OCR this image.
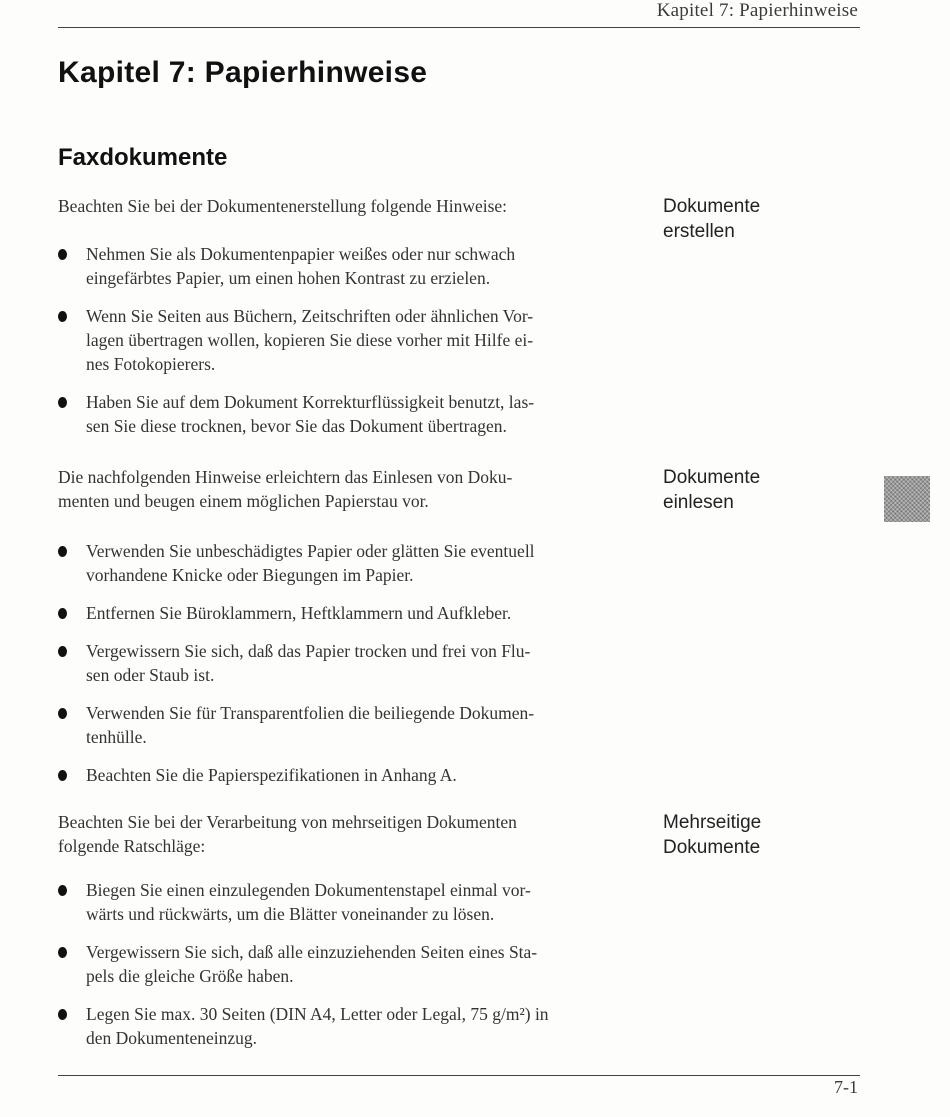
Kapitel 7: Papierhinweise
Kapitel 7: Papierhinweise
Faxdokumente

Beachten Sie bei der Dokumentenerstellung folgende Hinweise:	Dokumente
erstellen
Nehmen Sie als Dokumentenpapier weißes oder nur schwach
eingefärbtes Papier, um einen hohen Kontrast zu erzielen.
Wenn Sie Seiten aus Büchern, Zeitschriften oder ähnlichen Vor-
lagen übertragen wollen, kopieren Sie diese vorher mit Hilfe ei-
nes Fotokopierers.
Haben Sie auf dem Dokument Korrekturflüssigkeit benutzt, las-
sen Sie diese trocknen, bevor Sie das Dokument übertragen.

Die nachfolgenden Hinweise erleichtern das Einlesen von Doku-
menten und beugen einem möglichen Papierstau vor.

Dokumente
einlesen
Verwenden Sie unbeschädigtes Papier oder glätten Sie eventuell
vorhandene Knicke oder Biegungen im Papier.
Entfernen Sie Büroklammern, Heftklammern und Aufkleber.
Vergewissern Sie sich, daß das Papier trocken und frei von Flu-
sen oder Staub ist.
Verwenden Sie für Transparentfolien die beiliegende Dokumen-
tenhülle.
Beachten Sie die Papierspezifikationen in Anhang A.

Beachten Sie bei der Verarbeitung von mehrseitigen Dokumenten
folgende Ratschläge:

Mehrseitige
Dokumente
Biegen Sie einen einzulegenden Dokumentenstapel einmal vor-
wärts und rückwärts, um die Blätter voneinander zu lösen.
Vergewissern Sie sich, daß alle einzuziehenden Seiten eines Sta-
pels die gleiche Größe haben.
Legen Sie max. 30 Seiten (DIN A4, Letter oder Legal, 75 g/m²) in
den Dokumenteneinzug.
7-1
